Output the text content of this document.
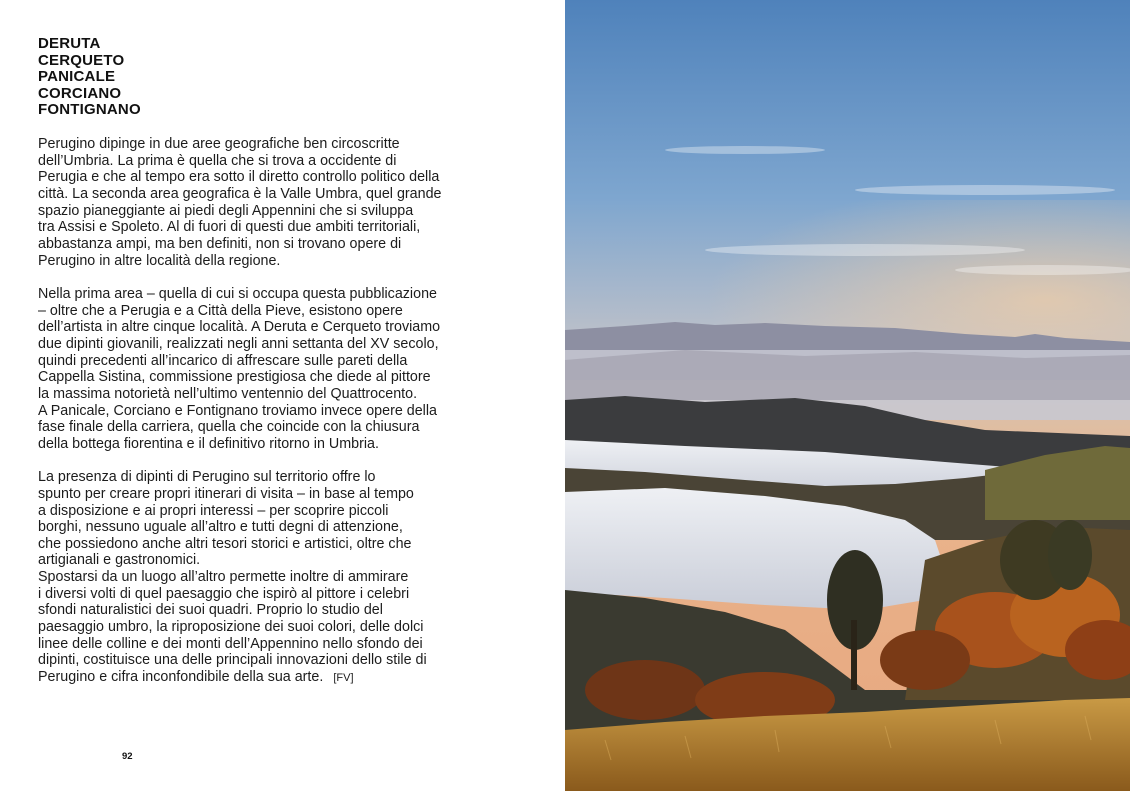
DERUTA
CERQUETO
PANICALE
CORCIANO
FONTIGNANO

Perugino dipinge in due aree geografiche ben circoscritte
dell’Umbria. La prima è quella che si trova a occidente di
Perugia e che al tempo era sotto il diretto controllo politico della
città. La seconda area geografica è la Valle Umbra, quel grande
spazio pianeggiante ai piedi degli Appennini che si sviluppa
tra Assisi e Spoleto. Al di fuori di questi due ambiti territoriali,
abbastanza ampi, ma ben definiti, non si trovano opere di
Perugino in altre località della regione.

Nella prima area – quella di cui si occupa questa pubblicazione
– oltre che a Perugia e a Città della Pieve, esistono opere
dell’artista in altre cinque località. A Deruta e Cerqueto troviamo
due dipinti giovanili, realizzati negli anni settanta del XV secolo,
quindi precedenti all’incarico di affrescare sulle pareti della
Cappella Sistina, commissione prestigiosa che diede al pittore
la massima notorietà nell’ultimo ventennio del Quattrocento.
A Panicale, Corciano e Fontignano troviamo invece opere della
fase finale della carriera, quella che coincide con la chiusura
della bottega fiorentina e il definitivo ritorno in Umbria.

La presenza di dipinti di Perugino sul territorio offre lo
spunto per creare propri itinerari di visita – in base al tempo
a disposizione e ai propri interessi – per scoprire piccoli
borghi, nessuno uguale all’altro e tutti degni di attenzione,
che possiedono anche altri tesori storici e artistici, oltre che
artigianali e gastronomici.
Spostarsi da un luogo all’altro permette inoltre di ammirare
i diversi volti di quel paesaggio che ispirò al pittore i celebri
sfondi naturalistici dei suoi quadri. Proprio lo studio del
paesaggio umbro, la riproposizione dei suoi colori, delle dolci
linee delle colline e dei monti dell’Appennino nello sfondo dei
dipinti, costituisce una delle principali innovazioni dello stile di
Perugino e cifra inconfondibile della sua arte. [FV]

92
